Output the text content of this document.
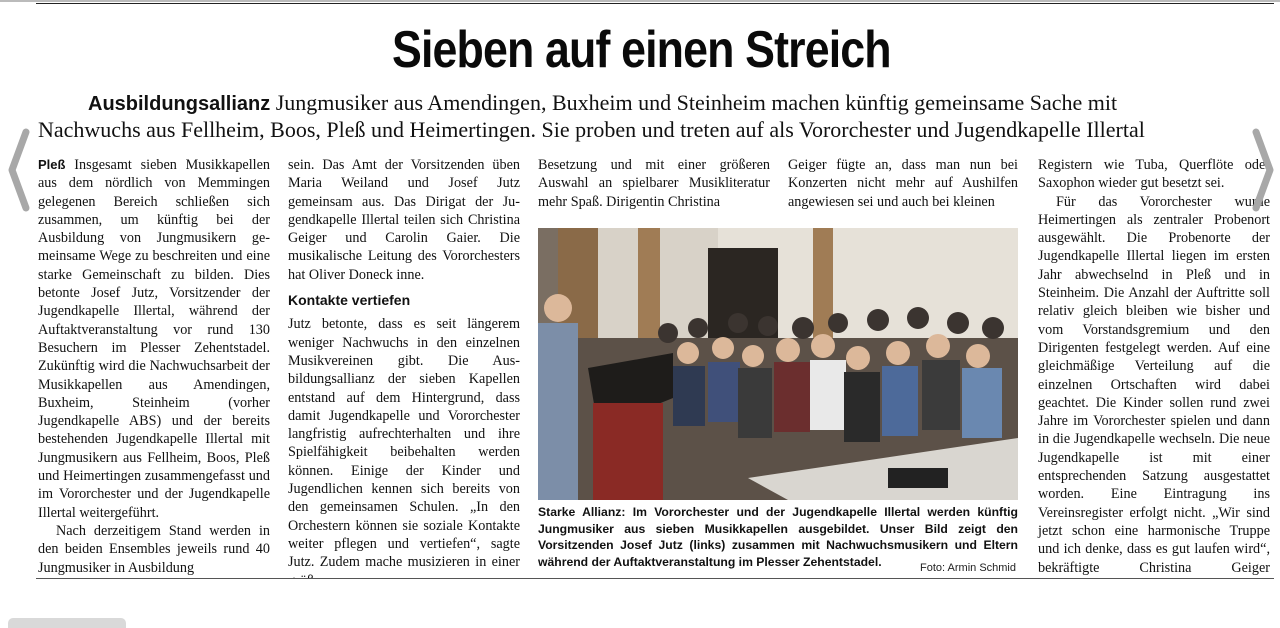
Sieben auf einen Streich
Ausbildungsallianz Jungmusiker aus Amendingen, Buxheim und Steinheim machen künftig gemeinsame Sache mit
Nachwuchs aus Fellheim, Boos, Pleß und Heimertingen. Sie proben und treten auf als Vororchester und Jugendkapelle Illertal

Pleß Insgesamt sieben Musikkapellen aus dem nördlich von Memmingen gelegenen Bereich schließen sich zusammen, um künftig bei der Ausbildung von Jungmusikern gemeinsame Wege zu beschreiten und eine starke Gemeinschaft zu bilden. Dies betonte Josef Jutz, Vorsitzender der Jugendkapelle Illertal, während der Auftaktveranstaltung vor rund 130 Besuchern im Plesser Zehentstadel. Zukünftig wird die Nachwuchsarbeit der Musikkapellen aus Amendingen, Buxheim, Steinheim (vorher Jugendkapelle ABS) und der bereits bestehenden Jugendkapelle Illertal mit Jungmusikern aus Fellheim, Boos, Pleß und Heimertingen zusammengefasst und im Vororchester und der Jugendkapelle Illertal weitergeführt.

Nach derzeitigem Stand werden in den beiden Ensembles jeweils rund 40 Jungmusiker in Ausbildung

sein. Das Amt der Vorsitzenden üben Maria Weiland und Josef Jutz gemeinsam aus. Das Dirigat der Jugendkapelle Illertal teilen sich Christina Geiger und Carolin Gaier. Die musikalische Leitung des Vororchesters hat Oliver Doneck inne.

Kontakte vertiefen

Jutz betonte, dass es seit längerem weniger Nachwuchs in den einzelnen Musikvereinen gibt. Die Ausbildungsallianz der sieben Kapellen entstand auf dem Hintergrund, dass damit Jugendkapelle und Vororchester langfristig aufrechterhalten und ihre Spielfähigkeit beibehalten werden können. Einige der Kinder und Jugendlichen kennen sich bereits von den gemeinsamen Schulen. „In den Orchestern können sie soziale Kontakte weiter pflegen und vertiefen“, sagte Jutz. Zudem mache musizieren in einer

Besetzung und mit einer größeren Auswahl an spielbarer Musikliteratur mehr Spaß. Dirigentin Christina

Geiger fügte an, dass man nun bei Konzerten nicht mehr auf Aushilfen angewiesen sei und auch bei kleinen

Registern wie Tuba, Querflöte oder Saxophon wieder gut besetzt sei.

Für das Vororchester wurde Heimertingen als zentraler Probenort ausgewählt. Die Probenorte der Jugendkapelle Illertal liegen im ersten Jahr abwechselnd in Pleß und in Steinheim. Die Anzahl der Auftritte soll relativ gleich bleiben wie bisher und vom Vorstandsgremium und den Dirigenten festgelegt werden. Auf eine gleichmäßige Verteilung auf die einzelnen Ortschaften wird dabei geachtet. Die Kinder sollen rund zwei Jahre im Vororchester spielen und dann in die Jugendkapelle wechseln. Die neue Jugendkapelle ist mit einer entsprechenden Satzung ausgestattet worden. Eine Eintragung ins Vereinsregister erfolgt nicht. „Wir sind jetzt schon eine harmonische Truppe und ich denke, dass es gut laufen wird“, bekräftigte Christina Geiger

Starke Allianz: Im Vororchester und der Jugendkapelle Illertal werden künftig Jungmusiker aus sieben Musikkapellen ausgebildet. Unser Bild zeigt den Vorsitzenden Josef Jutz (links) zusammen mit Nachwuchsmusikern und Eltern während der Auftaktveranstaltung im Plesser Zehentstadel.	Foto: Armin Schmid
